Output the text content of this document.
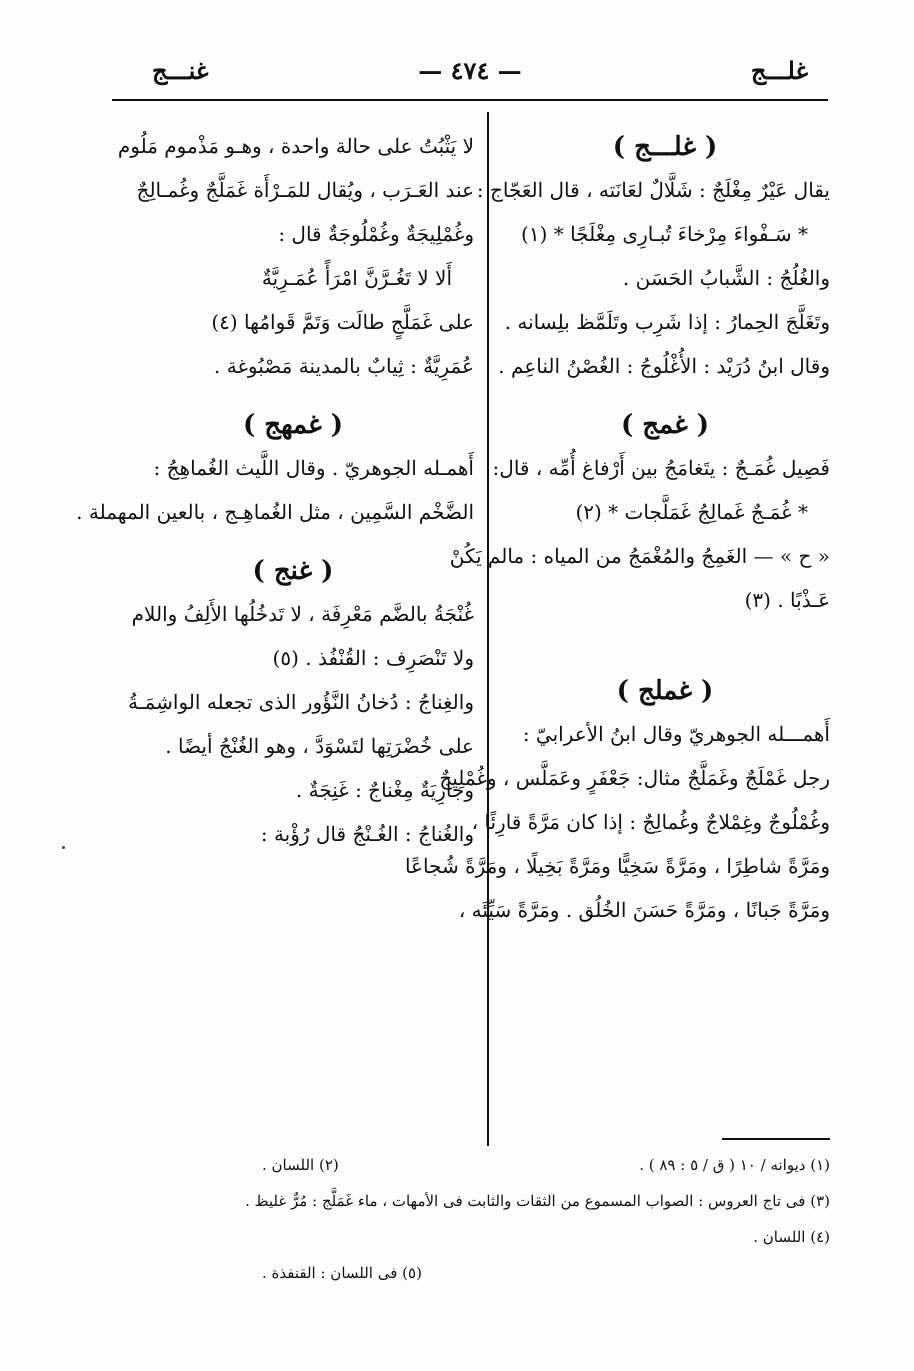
غلـــج
— ٤٧٤ —
غنـــج
( غلـــج )
يقال عَيْرٌ مِغْلَجٌ : شَلَّالٌ لعَانَته ، قال العَجّاج :
* سَـفْواءَ مِرْخاءَ تُبـارِى مِغْلَجًا * (١)
والغُلُجُ : الشَّبابُ الحَسَن .
وتَغَلَّجَ الحِمارُ : إذا شَرِب وتَلَمَّظ بلِسانه .
وقال ابنُ دُرَيْد : الأُغْلُوجُ : الغُصْنُ الناعِم .
( غمج )
فَصِيل غُمَـجٌ : يتَغامَجُ بين أَرْفاغ أُمِّه ، قال:
* غُمَـجٌ غَمالِجُ غَمَلَّجات * (٢)
« ح » — الغَمِجُ والمُغْمَجُ من المياه : مالم يَكُنْ
عَـذْبًا . (٣)
( غملج )
أَهمـــله الجوهريّ وقال ابنُ الأعرابيّ :
رجل غَمْلَجٌ وغَمَلَّجٌ مثال: جَعْفَرٍ وعَمَلَّس ، وغُمْلِيجٌ
وغُمْلُوجٌ وغِمْلاجٌ وغُمالِجٌ : إذا كان مَرَّةً قارِئًا ،
ومَرَّةً شاطِرًا ، ومَرَّةً سَخِيًّا ومَرَّةً بَخِيلًا ، ومَرَّةً شُجاعًا
ومَرَّةً جَبانًا ، ومَرَّةً حَسَنَ الخُلُق . ومَرَّةً سَيِّئَه ،
لا يَثْبُتُ على حالة واحدة ، وهـو مَذْموم مَلُوم
عند العَـرَب ، ويُقال للمَـرْأَة غَمَلَّجٌ وغُمـالِجٌ
وغُمْلِيجَةٌ وغُمْلُوجَةٌ قال :
أَلا لا تَغُـرَّنَّ امْرَأً عُمَـرِيَّةٌ
على غَمَلَّجٍ طالَت وَتَمَّ قَوامُها (٤)
عُمَرِيَّةٌ : ثِيابٌ بالمدينة مَصْبُوغة .
( غمهج )
أَهمـله الجوهريّ . وقال اللَّيث الغُماهِجُ :
الضَّخْم السَّمِين ، مثل الغُماهِـج ، بالعين المهملة .
( غنج )
غُنْجَةُ بالضَّم مَعْرِفَة ، لا تَدخُلُها الأَلِفُ واللام
ولا تَنْصَرِف : القُنْفُذ . (٥)
والغِناجُ : دُخانُ النَّؤُور الذى تجعله الواشِمَـةُ
على خُضْرَتِها لتَسْوَدَّ ، وهو الغُنْجُ أيضًا .
وجارِيَةٌ مِغْناجٌ : غَنِجَةٌ .
والغُناجُ : الغُـنْجُ قال رُؤْبة :
(١) ديوانه / ١٠ ( ق / ٥ : ٨٩ ) .
(٢) اللسان .
(٣) فى تاج العروس : الصواب المسموع من الثقات والثابت فى الأمهات ، ماء غَمَلَّج : مُرٌّ غليظ .
(٤) اللسان .
(٥) فى اللسان : القنفذة .
